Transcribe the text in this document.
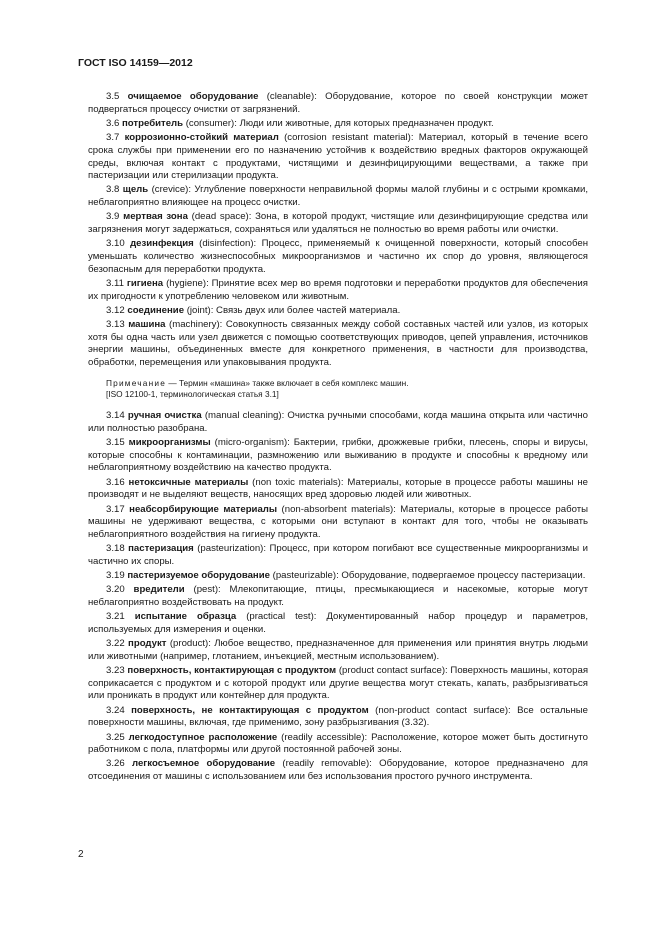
ГОСТ ISO 14159—2012

3.5 очищаемое оборудование (cleanable): Оборудование, которое по своей конструкции может подвергаться процессу очистки от загрязнений.

3.6 потребитель (consumer): Люди или животные, для которых предназначен продукт.

3.7 коррозионно-стойкий материал (corrosion resistant material): Материал, который в течение всего срока службы при применении его по назначению устойчив к воздействию вредных факторов окружающей среды, включая контакт с продуктами, чистящими и дезинфицирующими веществами, а также при пастеризации или стерилизации продукта.

3.8 щель (crevice): Углубление поверхности неправильной формы малой глубины и с острыми кромками, неблагоприятно влияющее на процесс очистки.

3.9 мертвая зона (dead space): Зона, в которой продукт, чистящие или дезинфицирующие средства или загрязнения могут задержаться, сохраняться или удаляться не полностью во время работы или очистки.

3.10 дезинфекция (disinfection): Процесс, применяемый к очищенной поверхности, который способен уменьшать количество жизнеспособных микроорганизмов и частично их спор до уровня, являющегося безопасным для переработки продукта.

3.11 гигиена (hygiene): Принятие всех мер во время подготовки и переработки продуктов для обеспечения их пригодности к употреблению человеком или животным.

3.12 соединение (joint): Связь двух или более частей материала.

3.13 машина (machinery): Совокупность связанных между собой составных частей или узлов, из которых хотя бы одна часть или узел движется с помощью соответствующих приводов, цепей управления, источников энергии машины, объединенных вместе для конкретного применения, в частности для производства, обработки, перемещения или упаковывания продукта.

Примечание — Термин «машина» также включает в себя комплекс машин.

[ISO 12100-1, терминологическая статья 3.1]

3.14 ручная очистка (manual cleaning): Очистка ручными способами, когда машина открыта или частично или полностью разобрана.

3.15 микроорганизмы (micro-organism): Бактерии, грибки, дрожжевые грибки, плесень, споры и вирусы, которые способны к контаминации, размножению или выживанию в продукте и способны к вредному или неблагоприятному воздействию на качество продукта.

3.16 нетоксичные материалы (non toxic materials): Материалы, которые в процессе работы машины не производят и не выделяют веществ, наносящих вред здоровью людей или животных.

3.17 неабсорбирующие материалы (non-absorbent materials): Материалы, которые в процессе работы машины не удерживают вещества, с которыми они вступают в контакт для того, чтобы не оказывать неблагоприятного воздействия на гигиену продукта.

3.18 пастеризация (pasteurization): Процесс, при котором погибают все существенные микроорганизмы и частично их споры.

3.19 пастеризуемое оборудование (pasteurizable): Оборудование, подвергаемое процессу пастеризации.

3.20 вредители (pest): Млекопитающие, птицы, пресмыкающиеся и насекомые, которые могут неблагоприятно воздействовать на продукт.

3.21 испытание образца (practical test): Документированный набор процедур и параметров, используемых для измерения и оценки.

3.22 продукт (product): Любое вещество, предназначенное для применения или принятия внутрь людьми или животными (например, глотанием, инъекцией, местным использованием).

3.23 поверхность, контактирующая с продуктом (product contact surface): Поверхность машины, которая соприкасается с продуктом и с которой продукт или другие вещества могут стекать, капать, разбрызгиваться или проникать в продукт или контейнер для продукта.

3.24 поверхность, не контактирующая с продуктом (non-product contact surface): Все остальные поверхности машины, включая, где применимо, зону разбрызгивания (3.32).

3.25 легкодоступное расположение (readily accessible): Расположение, которое может быть достигнуто работником с пола, платформы или другой постоянной рабочей зоны.

3.26 легкосъемное оборудование (readily removable): Оборудование, которое предназначено для отсоединения от машины с использованием или без использования простого ручного инструмента.

2
